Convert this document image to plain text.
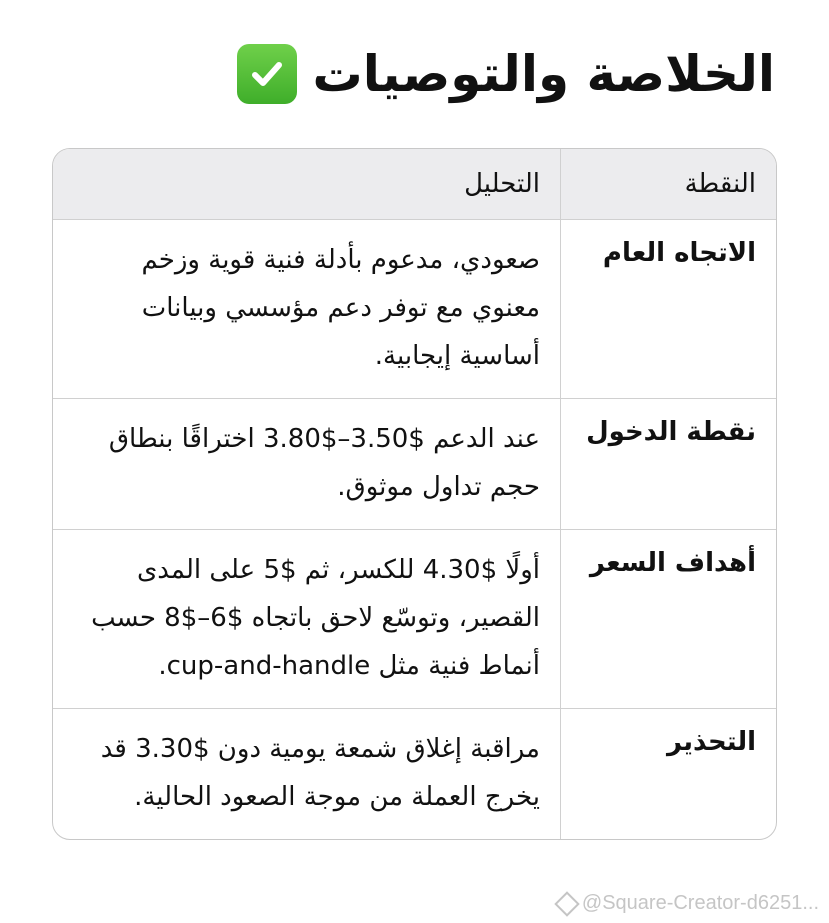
الخلاصة والتوصيات
النقطة	التحليل
الاتجاه العام	صعودي، مدعوم بأدلة فنية قوية وزخم معنوي مع توفر دعم مؤسسي وبيانات أساسية إيجابية.
نقطة الدخول	عند الدعم $3.50–$3.80 اختراقًا بنطاق حجم تداول موثوق.
أهداف السعر	أولًا $4.30 للكسر، ثم $5 على المدى القصير، وتوسّع لاحق باتجاه $6–$8 حسب أنماط فنية مثل cup-and-handle.
التحذير	مراقبة إغلاق شمعة يومية دون $3.30 قد يخرج العملة من موجة الصعود الحالية.
@Square-Creator-d6251...
